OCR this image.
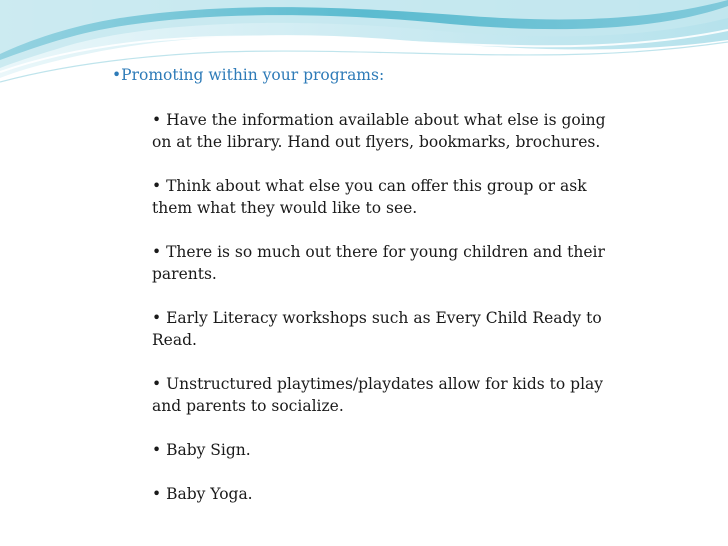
•Promoting within your programs:
• Have the information available about what else is going on at the library. Hand out flyers, bookmarks, brochures.
• Think about what else you can offer this group or ask them what they would like to see.
• There is so much out there for young children and their parents.
• Early Literacy workshops such as Every Child Ready to Read.
• Unstructured playtimes/playdates allow for kids to play and parents to socialize.
• Baby Sign.
• Baby Yoga.
